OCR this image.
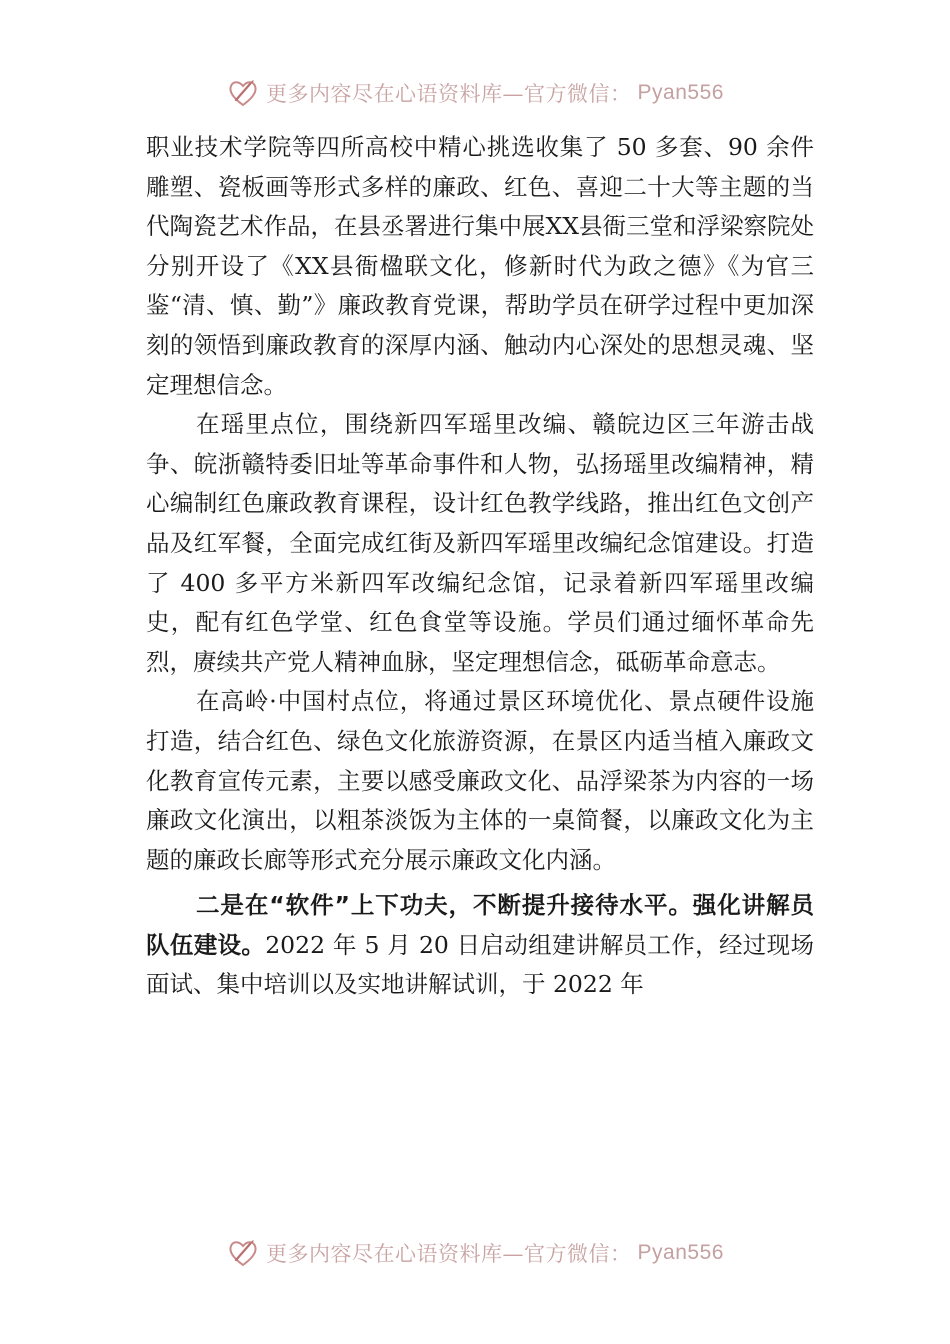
更多内容尽在心语资料库—官方微信： Pyan556

职业技术学院等四所高校中精心挑选收集了 50 多套、90 余件雕塑、瓷板画等形式多样的廉政、红色、喜迎二十大等主题的当代陶瓷艺术作品，在县丞署进行集中展XX县衙三堂和浮梁察院处分别开设了《XX县衙楹联文化，修新时代为政之德》《为官三鉴“清、慎、勤”》廉政教育党课，帮助学员在研学过程中更加深刻的领悟到廉政教育的深厚内涵、触动内心深处的思想灵魂、坚定理想信念。

在瑶里点位，围绕新四军瑶里改编、赣皖边区三年游击战争、皖浙赣特委旧址等革命事件和人物，弘扬瑶里改编精神，精心编制红色廉政教育课程，设计红色教学线路，推出红色文创产品及红军餐，全面完成红街及新四军瑶里改编纪念馆建设。打造了 400 多平方米新四军改编纪念馆，记录着新四军瑶里改编史，配有红色学堂、红色食堂等设施。学员们通过缅怀革命先烈，赓续共产党人精神血脉，坚定理想信念，砥砺革命意志。

在高岭·中国村点位，将通过景区环境优化、景点硬件设施打造，结合红色、绿色文化旅游资源，在景区内适当植入廉政文化教育宣传元素，主要以感受廉政文化、品浮梁茶为内容的一场廉政文化演出，以粗茶淡饭为主体的一桌简餐，以廉政文化为主题的廉政长廊等形式充分展示廉政文化内涵。

二是在“软件”上下功夫，不断提升接待水平。强化讲解员队伍建设。2022 年 5 月 20 日启动组建讲解员工作，经过现场面试、集中培训以及实地讲解试训，于 2022 年

更多内容尽在心语资料库—官方微信： Pyan556
